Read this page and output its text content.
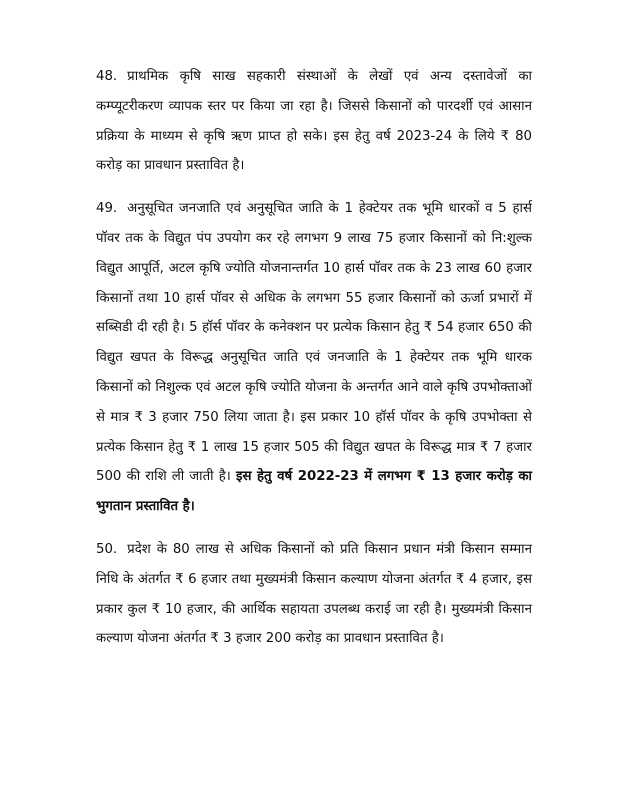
48. प्राथमिक कृषि साख सहकारी संस्थाओं के लेखों एवं अन्य दस्तावेजों का कम्प्यूटरीकरण व्यापक स्तर पर किया जा रहा है। जिससे किसानों को पारदर्शी एवं आसान प्रक्रिया के माध्यम से कृषि ऋण प्राप्त हो सके। इस हेतु वर्ष 2023-24 के लिये ₹ 80 करोड़ का प्रावधान प्रस्तावित है।

49. अनुसूचित जनजाति एवं अनुसूचित जाति के 1 हेक्टेयर तक भूमि धारकों व 5 हार्स पॉवर तक के विद्युत पंप उपयोग कर रहे लगभग 9 लाख 75 हजार किसानों को नि:शुल्क विद्युत आपूर्ति, अटल कृषि ज्योति योजनान्तर्गत 10 हार्स पॉवर तक के 23 लाख 60 हजार किसानों तथा 10 हार्स पॉवर से अधिक के लगभग 55 हजार किसानों को ऊर्जा प्रभारों में सब्सिडी दी रही है। 5 हॉर्स पॉवर के कनेक्शन पर प्रत्येक किसान हेतु ₹ 54 हजार 650 की विद्युत खपत के विरूद्ध अनुसूचित जाति एवं जनजाति के 1 हेक्टेयर तक भूमि धारक किसानों को निशुल्क एवं अटल कृषि ज्योति योजना के अन्तर्गत आने वाले कृषि उपभोक्ताओं से मात्र ₹ 3 हजार 750 लिया जाता है। इस प्रकार 10 हॉर्स पॉवर के कृषि उपभोक्ता से प्रत्येक किसान हेतु ₹ 1 लाख 15 हजार 505 की विद्युत खपत के विरूद्ध मात्र ₹ 7 हजार 500 की राशि ली जाती है। इस हेतु वर्ष 2022-23 में लगभग ₹ 13 हजार करोड़ का भुगतान प्रस्तावित है।

50. प्रदेश के 80 लाख से अधिक किसानों को प्रति किसान प्रधान मंत्री किसान सम्मान निधि के अंतर्गत ₹ 6 हजार तथा मुख्यमंत्री किसान कल्याण योजना अंतर्गत ₹ 4 हजार, इस प्रकार कुल ₹ 10 हजार, की आर्थिक सहायता उपलब्ध कराई जा रही है। मुख्यमंत्री किसान कल्याण योजना अंतर्गत ₹ 3 हजार 200 करोड़ का प्रावधान प्रस्तावित है।
